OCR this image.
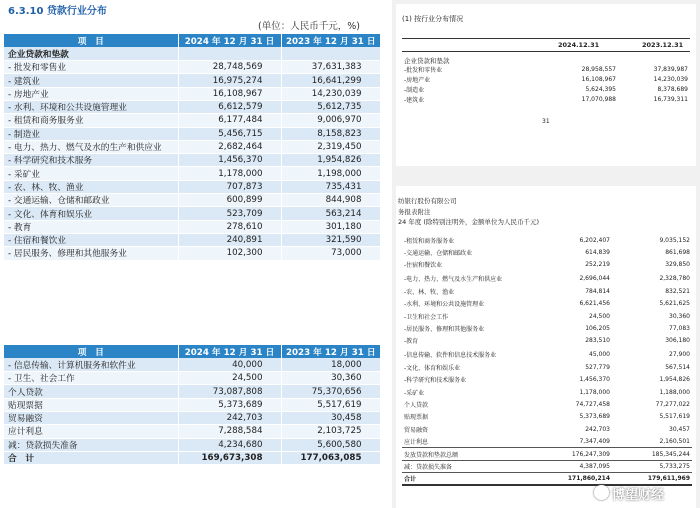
6.3.10 贷款行业分布
(单位：人民币千元，%)
项　目	2024 年 12 月 31 日	2023 年 12 月 31 日
企业贷款和垫款		
- 批发和零售业	28,748,569	37,631,383
- 建筑业	16,975,274	16,641,299
- 房地产业	16,108,967	14,230,039
- 水利、环境和公共设施管理业	6,612,579	5,612,735
- 租赁和商务服务业	6,177,484	9,006,970
- 制造业	5,456,715	8,158,823
- 电力、热力、燃气及水的生产和供应业	2,682,464	2,319,450
- 科学研究和技术服务	1,456,370	1,954,826
- 采矿业	1,178,000	1,198,000
- 农、林、牧、渔业	707,873	735,431
- 交通运输、仓储和邮政业	600,899	844,908
- 文化、体育和娱乐业	523,709	563,214
- 教育	278,610	301,180
- 住宿和餐饮业	240,891	321,590
- 居民服务、修理和其他服务业	102,300	73,000
项　目	2024 年 12 月 31 日	2023 年 12 月 31 日
- 信息传输、计算机服务和软件业	40,000	18,000
- 卫生、社会工作	24,500	30,360
个人贷款	73,087,808	75,370,656
贴现票据	5,373,689	5,517,619
贸易融资	242,703	30,458
应计利息	7,288,584	2,103,725
减：贷款损失准备	4,234,680	5,600,580
合　计	169,673,308	177,063,085
(1) 按行业分布情况
2024.12.31	2023.12.31
企业贷款和垫款
-批发和零售业	28,958,557	37,839,987
-房地产业	16,108,967	14,230,039
-制造业	5,624,395	8,378,689
-建筑业	17,070,988	16,739,311
31
纺银行股份有限公司
务报表附注
24 年度 (除特别注明外，金额单位为人民币千元)
-租赁和商务服务业	6,202,407	9,035,152
-交通运输、仓储和邮政业	614,839	861,698
-住宿和餐饮业	252,219	329,850
-电力、热力、燃气及水生产和供应业	2,696,044	2,328,780
-农、林、牧、渔业	784,814	832,521
-水利、环境和公共设施管理业	6,621,456	5,621,625
-卫生和社会工作	24,500	30,360
-居民服务、修理和其他服务业	106,205	77,083
-教育	283,510	306,180
-信息传输、软件和信息技术服务业	45,000	27,900
-文化、体育和娱乐业	527,779	567,514
-科学研究和技术服务业	1,456,370	1,954,826
-采矿业	1,178,000	1,188,000
个人贷款	74,727,458	77,277,022
贴现票据	5,373,689	5,517,619
贸易融资	242,703	30,457
应计利息	7,347,409	2,160,501
发放贷款和垫款总额	176,247,309	185,345,244
减：贷款损失准备	4,387,095	5,733,275
合计	171,860,214	179,611,969
博望财经
